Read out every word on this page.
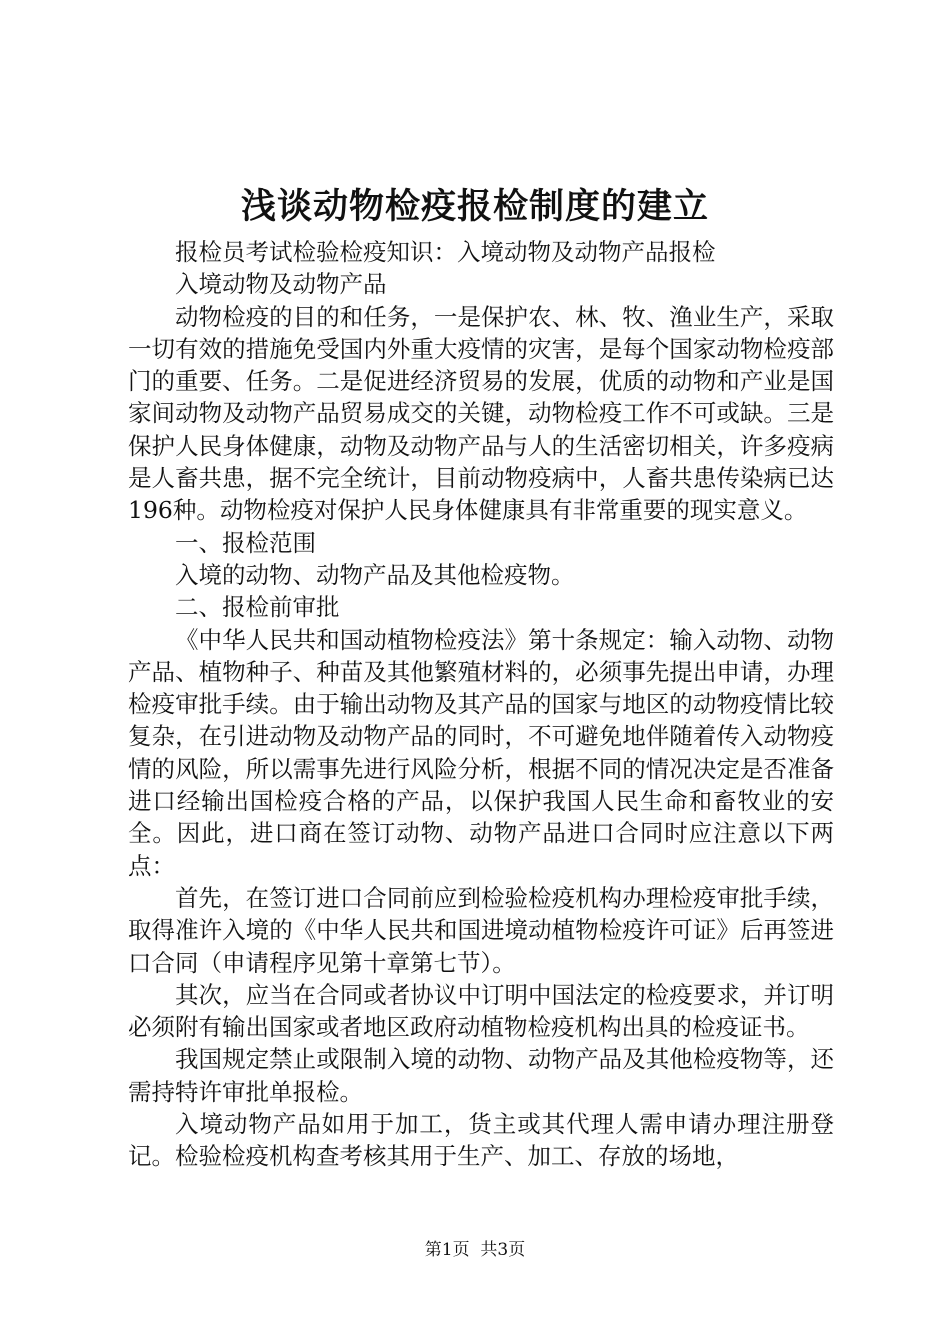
浅谈动物检疫报检制度的建立

报检员考试检验检疫知识：入境动物及动物产品报检

入境动物及动物产品

动物检疫的目的和任务，一是保护农、林、牧、渔业生产，采取一切有效的措施免受国内外重大疫情的灾害，是每个国家动物检疫部门的重要、任务。二是促进经济贸易的发展，优质的动物和产业是国家间动物及动物产品贸易成交的关键，动物检疫工作不可或缺。三是保护人民身体健康，动物及动物产品与人的生活密切相关，许多疫病是人畜共患，据不完全统计，目前动物疫病中，人畜共患传染病已达196种。动物检疫对保护人民身体健康具有非常重要的现实意义。

一、报检范围

入境的动物、动物产品及其他检疫物。

二、报检前审批

《中华人民共和国动植物检疫法》第十条规定：输入动物、动物产品、植物种子、种苗及其他繁殖材料的，必须事先提出申请，办理检疫审批手续。由于输出动物及其产品的国家与地区的动物疫情比较复杂，在引进动物及动物产品的同时，不可避免地伴随着传入动物疫情的风险，所以需事先进行风险分析，根据不同的情况决定是否准备进口经输出国检疫合格的产品，以保护我国人民生命和畜牧业的安全。因此，进口商在签订动物、动物产品进口合同时应注意以下两点：

首先，在签订进口合同前应到检验检疫机构办理检疫审批手续，取得准许入境的《中华人民共和国进境动植物检疫许可证》后再签进口合同（申请程序见第十章第七节）。

其次，应当在合同或者协议中订明中国法定的检疫要求，并订明必须附有输出国家或者地区政府动植物检疫机构出具的检疫证书。

我国规定禁止或限制入境的动物、动物产品及其他检疫物等，还需持特许审批单报检。

入境动物产品如用于加工，货主或其代理人需申请办理注册登记。检验检疫机构查考核其用于生产、加工、存放的场地，

第1页 共3页
